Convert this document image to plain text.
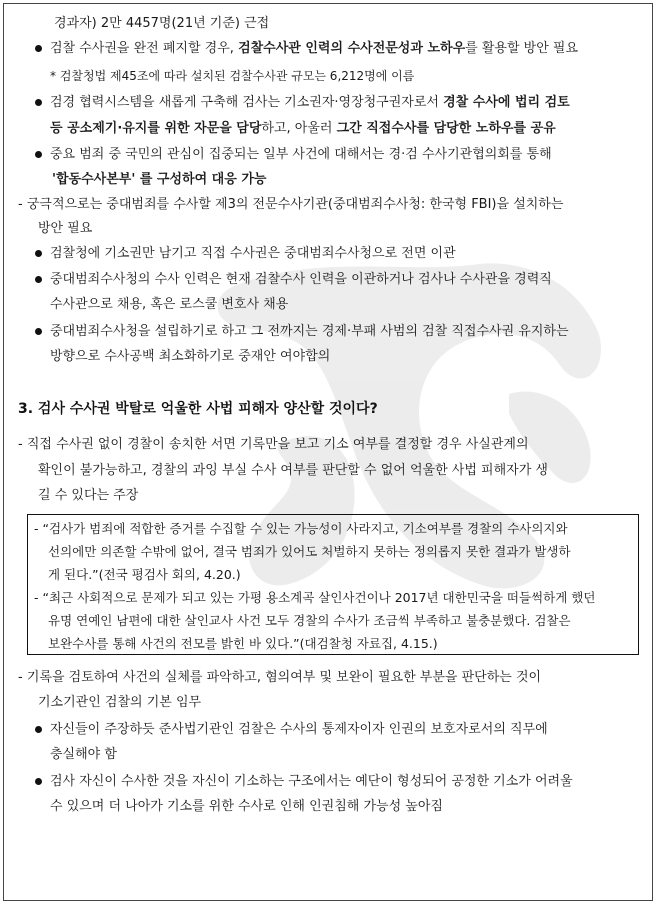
경과자) 2만 4457명(21년 기준) 근접
검찰 수사권을 완전 폐지할 경우, 검찰수사관 인력의 수사전문성과 노하우를 활용할 방안 필요
* 검찰청법 제45조에 따라 설치된 검찰수사관 규모는 6,212명에 이름
검경 협력시스템을 새롭게 구축해 검사는 기소권자·영장청구권자로서 경찰 수사에 법리 검토
등 공소제기·유지를 위한 자문을 담당하고, 아울러 그간 직접수사를 담당한 노하우를 공유
중요 범죄 중 국민의 관심이 집중되는 일부 사건에 대해서는 경·검 수사기관협의회를 통해
'합동수사본부' 를 구성하여 대응 가능
- 궁극적으로는 중대범죄를 수사할 제3의 전문수사기관(중대범죄수사청: 한국형 FBI)을 설치하는
방안 필요
검찰청에 기소권만 남기고 직접 수사권은 중대범죄수사청으로 전면 이관
중대범죄수사청의 수사 인력은 현재 검찰수사 인력을 이관하거나 검사나 수사관을 경력직
수사관으로 채용, 혹은 로스쿨 변호사 채용
중대범죄수사청을 설립하기로 하고 그 전까지는 경제·부패 사범의 검찰 직접수사권 유지하는
방향으로 수사공백 최소화하기로 중재안 여야합의
3. 검사 수사권 박탈로 억울한 사법 피해자 양산할 것이다?
- 직접 수사권 없이 경찰이 송치한 서면 기록만을 보고 기소 여부를 결정할 경우 사실관계의
확인이 불가능하고, 경찰의 과잉 부실 수사 여부를 판단할 수 없어 억울한 사법 피해자가 생
길 수 있다는 주장
- “검사가 범죄에 적합한 증거를 수집할 수 있는 가능성이 사라지고, 기소여부를 경찰의 수사의지와
선의에만 의존할 수밖에 없어, 결국 범죄가 있어도 처벌하지 못하는 정의롭지 못한 결과가 발생하
게 된다.”(전국 평검사 회의, 4.20.)
- “최근 사회적으로 문제가 되고 있는 가평 용소계곡 살인사건이나 2017년 대한민국을 떠들썩하게 했던
유명 연예인 남편에 대한 살인교사 사건 모두 경찰의 수사가 조금씩 부족하고 불충분했다. 검찰은
보완수사를 통해 사건의 전모를 밝힌 바 있다.”(대검찰청 자료집, 4.15.)
- 기록을 검토하여 사건의 실체를 파악하고, 혐의여부 및 보완이 필요한 부분을 판단하는 것이
기소기관인 검찰의 기본 임무
자신들이 주장하듯 준사법기관인 검찰은 수사의 통제자이자 인권의 보호자로서의 직무에
충실해야 함
검사 자신이 수사한 것을 자신이 기소하는 구조에서는 예단이 형성되어 공정한 기소가 어려울
수 있으며 더 나아가 기소를 위한 수사로 인해 인권침해 가능성 높아짐
